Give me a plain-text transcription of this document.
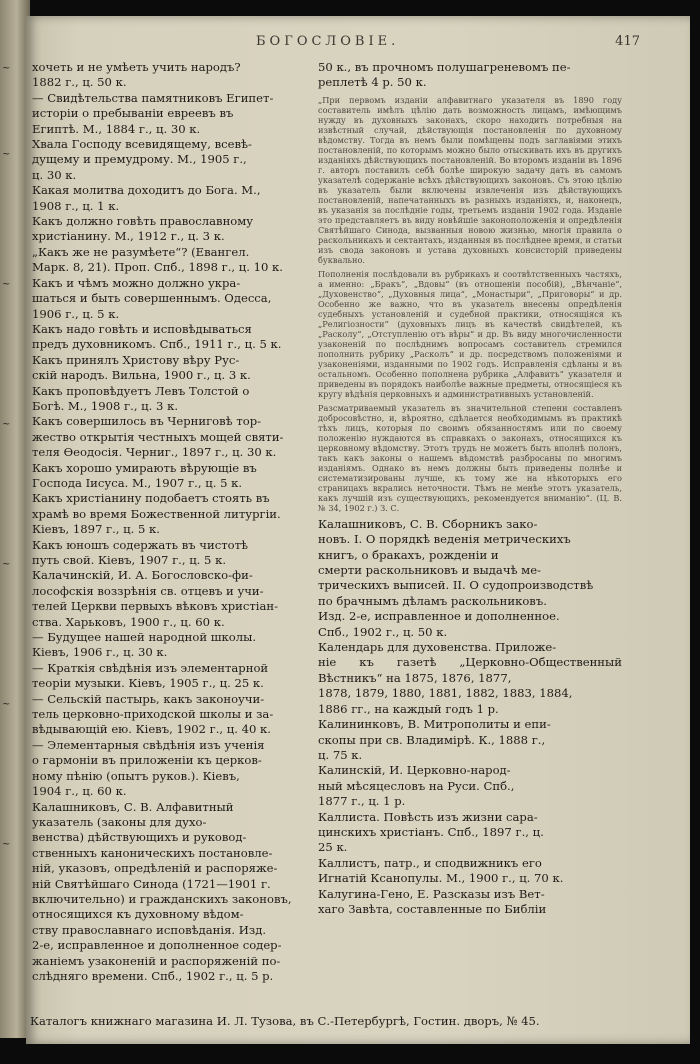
~
~
~
~
~
~
~
БОГОСЛОВІЕ.	417

хочеть и не умѣеть учить народъ?

1882 г., ц. 50 к.

— Свидѣтельства памятниковъ Египет-

исторіи о пребываніи евреевъ въ

Египтѣ. М., 1884 г., ц. 30 к.

Хвала Господу всевидящему, всевѣ-

дущему и премудрому. М., 1905 г.,

ц. 30 к.

Какая молитва доходитъ до Бога. М.,

1908 г., ц. 1 к.

Какъ должно говѣть православному

христіанину. М., 1912 г., ц. 3 к.

„Какъ же не разумѣете“? (Евангел.

Марк. 8, 21). Проп. Спб., 1898 г., ц. 10 к.

Какъ и чѣмъ можно должно укра-

шаться и быть совершеннымъ. Одесса,

1906 г., ц. 5 к.

Какъ надо говѣть и исповѣдываться

предъ духовникомъ. Спб., 1911 г., ц. 5 к.

Какъ принялъ Христову вѣру Рус-

скій народъ. Вильна, 1900 г., ц. 3 к.

Какъ проповѣдуетъ Левъ Толстой о

Богѣ. М., 1908 г., ц. 3 к.

Какъ совершилось въ Черниговѣ тор-

жество открытія честныхъ мощей святи-

теля Ѳеодосія. Черниг., 1897 г., ц. 30 к.

Какъ хорошо умирають вѣрующіе въ

Господа Іисуса. М., 1907 г., ц. 5 к.

Какъ христіанину подобаетъ стоять въ

храмѣ во время Божественной литургіи.

Кіевъ, 1897 г., ц. 5 к.

Какъ юношъ содержать въ чистотѣ

путь свой. Кіевъ, 1907 г., ц. 5 к.

Калачинскій, И. А. Богословско-фи-

лософскія воззрѣнія св. отцевъ и учи-

телей Церкви первыхъ вѣковъ христіан-

ства. Харьковъ, 1900 г., ц. 60 к.

— Будущее нашей народной школы.

Кіевъ, 1906 г., ц. 30 к.

— Краткія свѣдѣнія изъ элементарной

теоріи музыки. Кіевъ, 1905 г., ц. 25 к.

— Сельскій пастырь, какъ законоучи-

тель церковно-приходской школы и за-

вѣдывающій ею. Кіевъ, 1902 г., ц. 40 к.

— Элементарныя свѣдѣнія изъ ученія

о гармоніи въ приложеніи къ церков-

ному пѣнію (опытъ руков.). Кіевъ,

1904 г., ц. 60 к.

Калашниковъ, С. В. Алфавитный

указатель (законы для духо-

венства) дѣйствующихъ и руковод-

ственныхъ каноническихъ постановле-

ній, указовъ, опредѣленій и распоряже-

ній Святѣйшаго Синода (1721—1901 г.

включительно) и гражданскихъ законовъ,

относящихся къ духовному вѣдом-

ству православнаго исповѣданія. Изд.

2-е, исправленное и дополненное содер-

жаніемъ узаконеній и распоряженій по-

слѣдняго времени. Спб., 1902 г., ц. 5 р.

50 к., въ прочномъ полушагреневомъ пе-

реплетѣ 4 р. 50 к.

„При первомъ изданіи алфавитнаго указателя въ 1890 году составитель имѣлъ цѣлію дать возможность лицамъ, имѣющимъ нужду въ духовныхъ законахъ, скоро находить потребныя на извѣстный случай, дѣйствующія постановленія по духовному вѣдомству. Тогда въ немъ были помѣщены подъ заглавіями этихъ постановленій, по которымъ можно было отыскивать ихъ въ другихъ изданіяхъ дѣйствующихъ постановленій. Во второмъ изданіи въ 1896 г. авторъ поставилъ себѣ болѣе широкую задачу дать въ самомъ указателѣ содержаніе всѣхъ дѣйствующихъ законовъ. Съ этою цѣлію въ указатель были включены извлеченія изъ дѣйствующихъ постановленій, напечатанныхъ въ разныхъ изданіяхъ, и, наконецъ, въ указанія за послѣдніе годы, третьемъ изданіи 1902 года. Изданіе это представляетъ въ виду новѣйшіе законоположенія и опредѣленія Святѣйшаго Синода, вызванныя новою жизнью, многія правила о раскольникахъ и сектантахъ, изданныя въ послѣднее время, и статьи изъ свода законовъ и устава духовныхъ консисторій приведены буквально.

Пополненія послѣдовали въ рубрикахъ и соотвѣтственныхъ частяхъ, а именно: „Бракъ“, „Вдовы“ (въ отношеніи пособій), „Вѣнчаніе“, „Духовенство“, „Духовныя лица“, „Монастыри“, „Приговоры“ и др. Особенно же важно, что въ указатель внесены опредѣленія судебныхъ установленій и судебной практики, относящіяся къ „Религіозности“ (духовныхъ лицъ въ качествѣ свидѣтелей, къ „Расколу“, „Отступленію отъ вѣры“ и др. Въ виду многочисленности узаконеній по послѣднимъ вопросамъ составитель стремился пополнить рубрику „Расколъ“ и др. посредствомъ положеніями и узаконеніями, изданными по 1902 годъ. Исправленія сдѣланы и въ остальномъ. Особенно пополнена рубрика „Алфавитъ“ указателя и приведены въ порядокъ наиболѣе важные предметы, относящіеся къ кругу вѣдѣнія церковныхъ и административныхъ установленій.

Разсматриваемый указатель въ значительной степени составленъ добросовѣстно, и, вѣроятно, сдѣлается необходимымъ въ практикѣ тѣхъ лицъ, которыя по своимъ обязанностямъ или по своему положенію нуждаются въ справкахъ о законахъ, относящихся къ церковному вѣдомству. Этотъ трудъ не можетъ быть вполнѣ полонъ, такъ какъ законы о нашемъ вѣдомствѣ разбросаны по многимъ изданіямъ. Однако въ немъ должны быть приведены полнѣе и систематизированы лучше, къ тому же на нѣкоторыхъ его страницахъ вкрались неточности. Тѣмъ не менѣе этотъ указатель, какъ лучшій изъ существующихъ, рекомендуется вниманію“. (Ц. В. № 34, 1902 г.) З. С.

Калашниковъ, С. В. Сборникъ зако-

новъ. I. О порядкѣ веденія метрическихъ

книгъ, о бракахъ, рожденіи и

смерти раскольниковъ и выдачѣ ме-

трическихъ выписей. II. О судопроизводствѣ

по брачнымъ дѣламъ раскольниковъ.

Изд. 2-е, исправленное и дополненное.

Спб., 1902 г., ц. 50 к.

Календарь для духовенства. Приложе-

ніе къ газетѣ „Церковно-Общественный Вѣстникъ“ на 1875, 1876, 1877,

1878, 1879, 1880, 1881, 1882, 1883, 1884,

1886 гг., на каждый годъ 1 р.

Калининковъ, В. Митрополиты и епи-

скопы при св. Владимірѣ. К., 1888 г.,

ц. 75 к.

Калинскій, И. Церковно-народ-

ный мѣсяцесловъ на Руси. Спб.,

1877 г., ц. 1 р.

Каллиста. Повѣсть изъ жизни сара-

цинскихъ христіанъ. Спб., 1897 г., ц.

25 к.

Каллистъ, патр., и сподвижникъ его

Игнатій Ксанопулы. М., 1900 г., ц. 70 к.

Калугина-Гено, Е. Разсказы изъ Вет-

хаго Завѣта, составленные по Библіи

Каталогъ книжнаго магазина И. Л. Тузова, въ С.-Петербургѣ, Гостин. дворъ, № 45.
